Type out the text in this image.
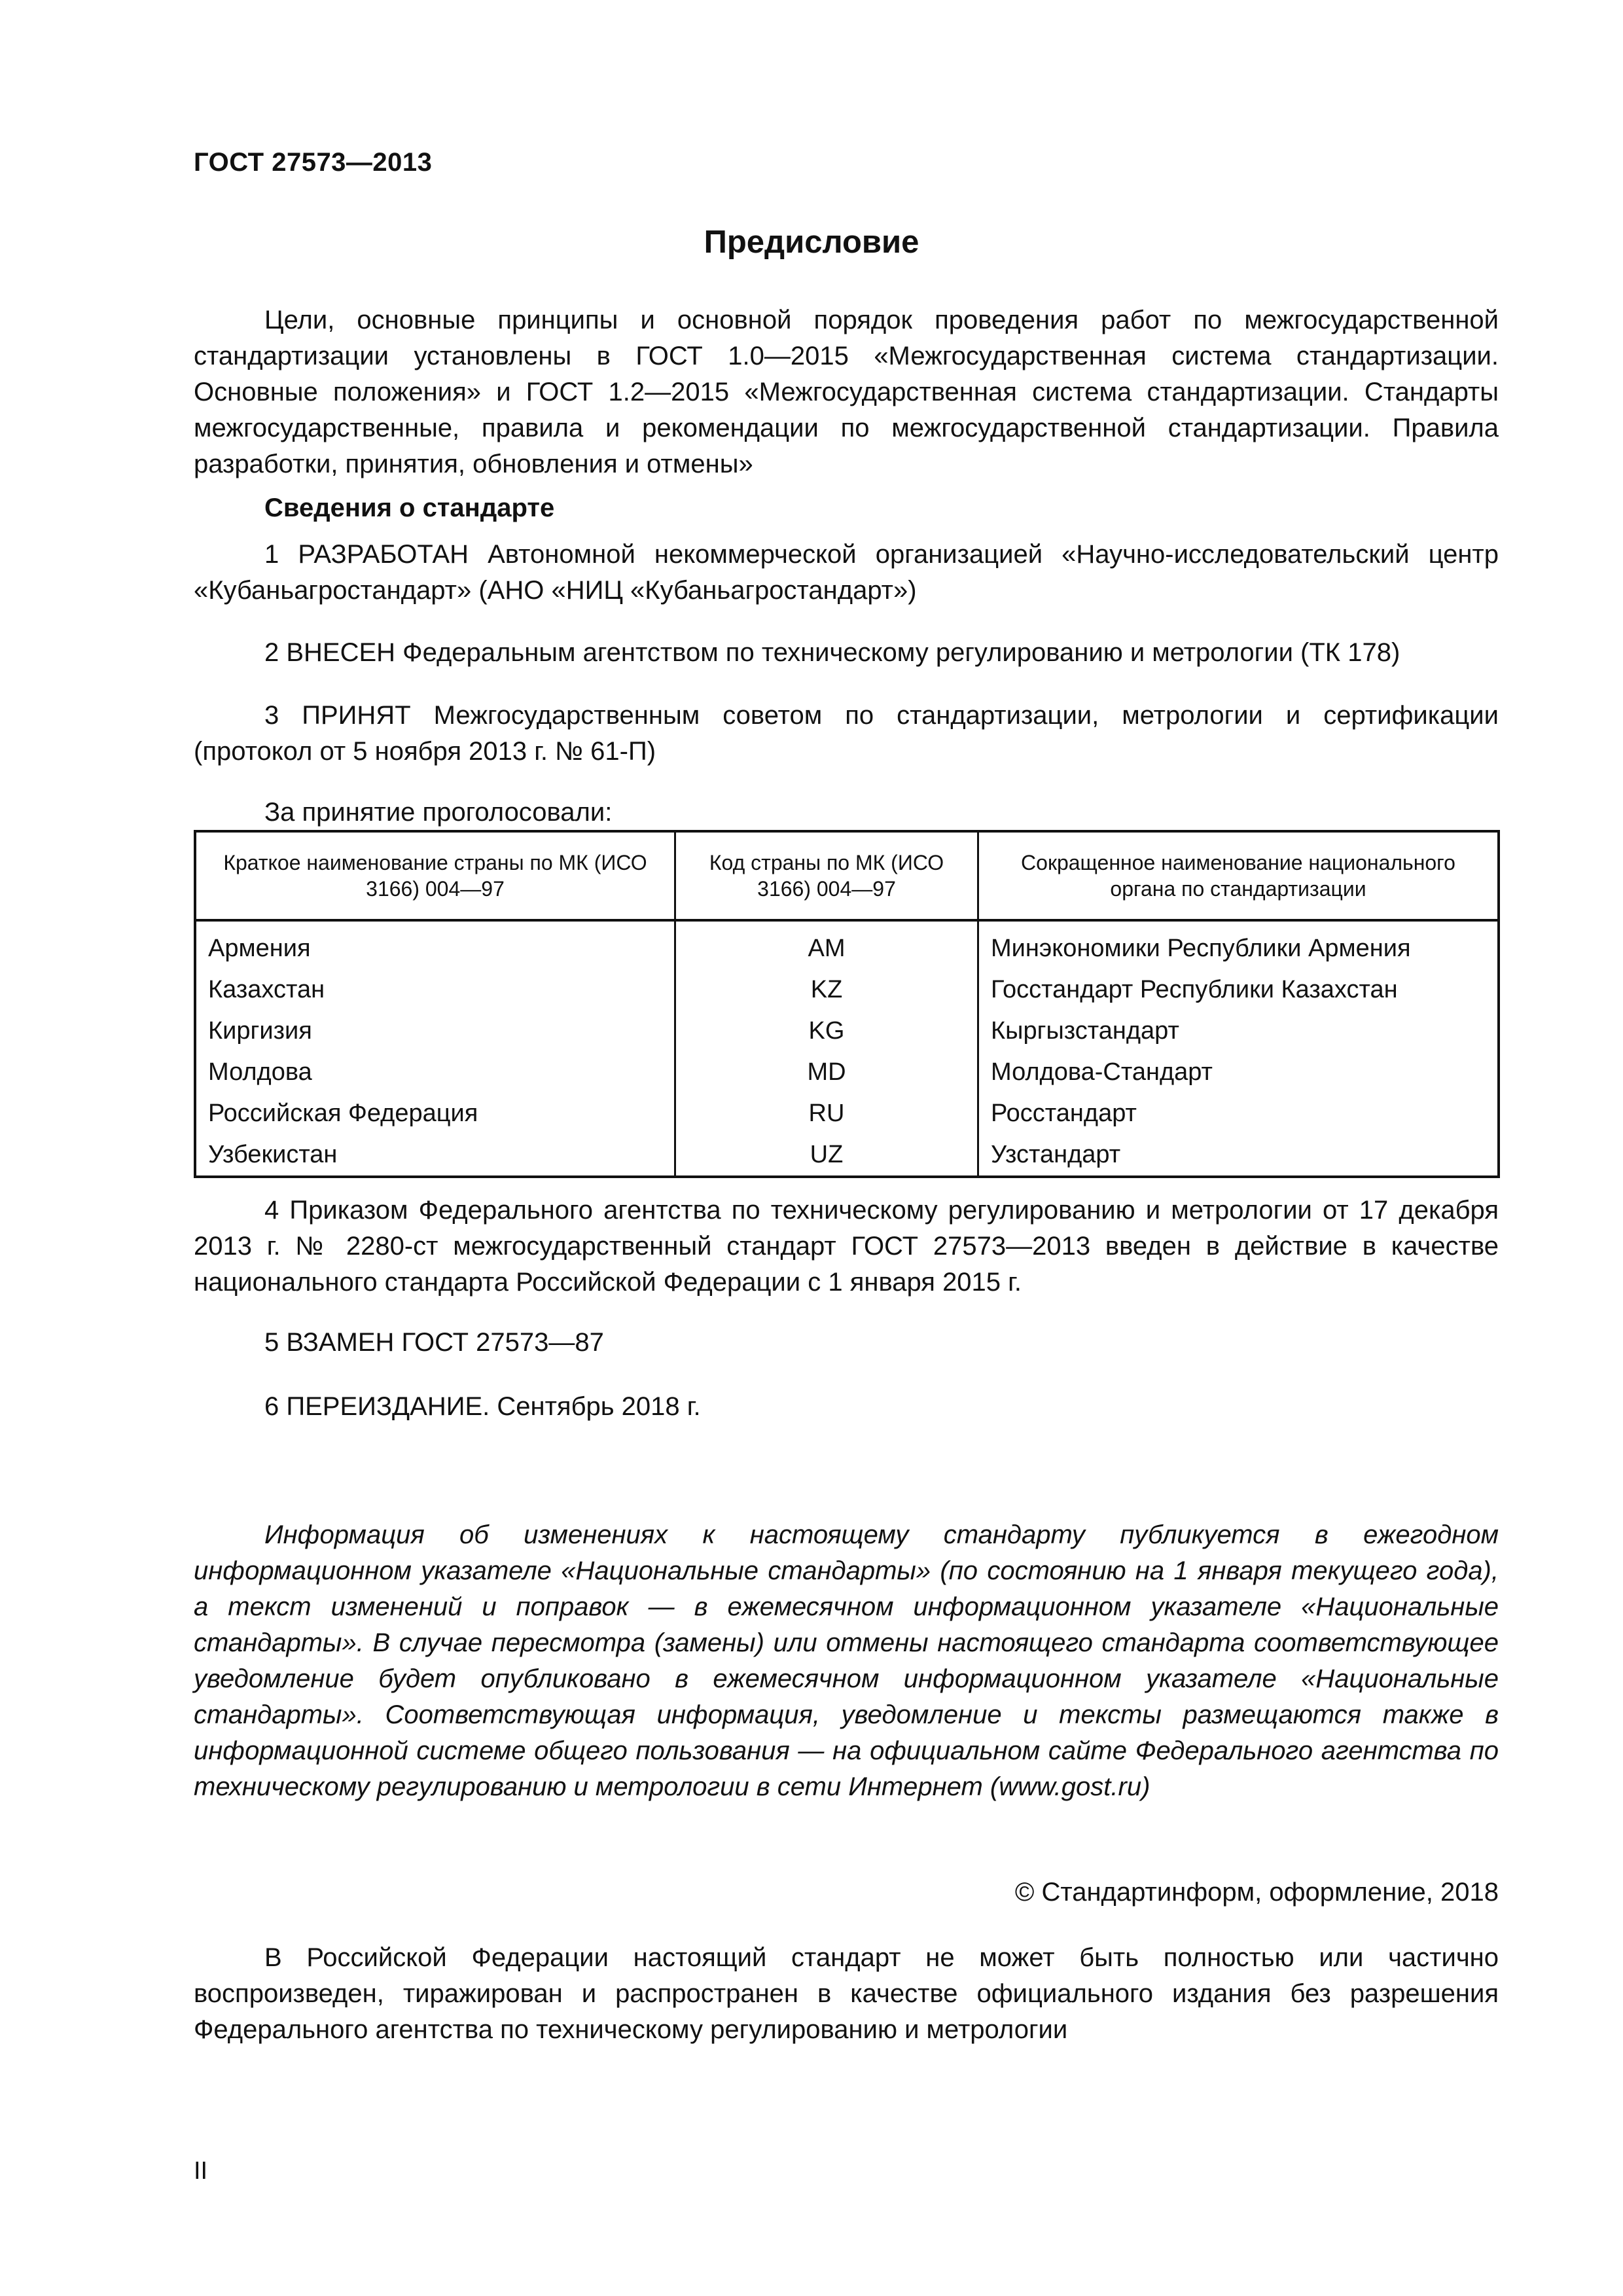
ГОСТ 27573—2013
Предисловие
Цели, основные принципы и основной порядок проведения работ по межгосударственной стандартизации установлены в ГОСТ 1.0—2015 «Межгосударственная система стандартизации. Основные положения» и ГОСТ 1.2—2015 «Межгосударственная система стандартизации. Стандарты межгосударственные, правила и рекомендации по межгосударственной стандартизации. Правила разработки, принятия, обновления и отмены»
Сведения о стандарте
1 РАЗРАБОТАН Автономной некоммерческой организацией «Научно-исследовательский центр «Кубаньагростандарт» (АНО «НИЦ «Кубаньагростандарт»)
2 ВНЕСЕН Федеральным агентством по техническому регулированию и метрологии (ТК 178)
3 ПРИНЯТ Межгосударственным советом по стандартизации, метрологии и сертификации (протокол от 5 ноября 2013 г. № 61-П)
За принятие проголосовали:
Краткое наименование страны по МК (ИСО 3166) 004—97	Код страны по МК (ИСО 3166) 004—97	Сокращенное наименование национального органа по стандартизации
Армения	AM	Минэкономики Республики Армения
Казахстан	KZ	Госстандарт Республики Казахстан
Киргизия	KG	Кыргызстандарт
Молдова	MD	Молдова-Стандарт
Российская Федерация	RU	Росстандарт
Узбекистан	UZ	Узстандарт
4 Приказом Федерального агентства по техническому регулированию и метрологии от 17 декабря 2013 г. № 2280-ст межгосударственный стандарт ГОСТ 27573—2013 введен в действие в качестве национального стандарта Российской Федерации с 1 января 2015 г.
5 ВЗАМЕН ГОСТ 27573—87
6 ПЕРЕИЗДАНИЕ. Сентябрь 2018 г.
Информация об изменениях к настоящему стандарту публикуется в ежегодном информационном указателе «Национальные стандарты» (по состоянию на 1 января текущего года), а текст изменений и поправок — в ежемесячном информационном указателе «Национальные стандарты». В случае пересмотра (замены) или отмены настоящего стандарта соответствующее уведомление будет опубликовано в ежемесячном информационном указателе «Национальные стандарты». Соответствующая информация, уведомление и тексты размещаются также в информационной системе общего пользования — на официальном сайте Федерального агентства по техническому регулированию и метрологии в сети Интернет (www.gost.ru)
© Стандартинформ, оформление, 2018
В Российской Федерации настоящий стандарт не может быть полностью или частично воспроизведен, тиражирован и распространен в качестве официального издания без разрешения Федерального агентства по техническому регулированию и метрологии
II
